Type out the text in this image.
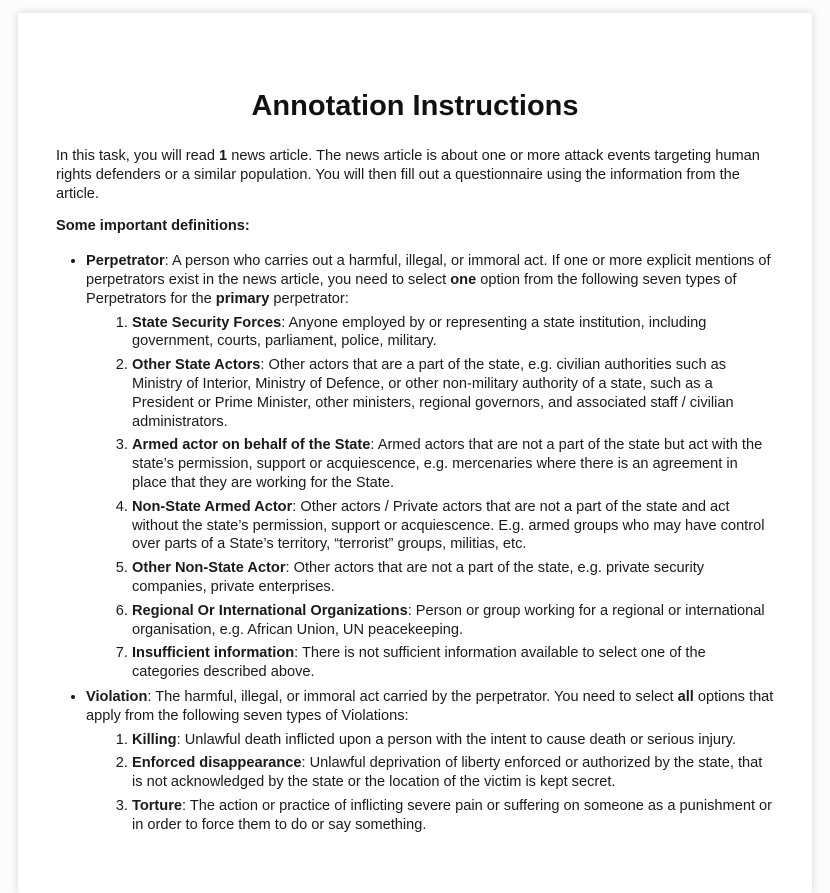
Annotation Instructions

In this task, you will read 1 news article. The news article is about one or more attack events targeting human rights defenders or a similar population. You will then fill out a questionnaire using the information from the article.

Some important definitions:

• Perpetrator: A person who carries out a harmful, illegal, or immoral act. If one or more explicit mentions of perpetrators exist in the news article, you need to select one option from the following seven types of Perpetrators for the primary perpetrator:
1. State Security Forces: Anyone employed by or representing a state institution, including government, courts, parliament, police, military.
2. Other State Actors: Other actors that are a part of the state, e.g. civilian authorities such as Ministry of Interior, Ministry of Defence, or other non-military authority of a state, such as a President or Prime Minister, other ministers, regional governors, and associated staff / civilian administrators.
3. Armed actor on behalf of the State: Armed actors that are not a part of the state but act with the state’s permission, support or acquiescence, e.g. mercenaries where there is an agreement in place that they are working for the State.
4. Non-State Armed Actor: Other actors / Private actors that are not a part of the state and act without the state’s permission, support or acquiescence. E.g. armed groups who may have control over parts of a State’s territory, “terrorist” groups, militias, etc.
5. Other Non-State Actor: Other actors that are not a part of the state, e.g. private security companies, private enterprises.
6. Regional Or International Organizations: Person or group working for a regional or international organisation, e.g. African Union, UN peacekeeping.
7. Insufficient information: There is not sufficient information available to select one of the categories described above.
• Violation: The harmful, illegal, or immoral act carried by the perpetrator. You need to select all options that apply from the following seven types of Violations:
1. Killing: Unlawful death inflicted upon a person with the intent to cause death or serious injury.
2. Enforced disappearance: Unlawful deprivation of liberty enforced or authorized by the state, that is not acknowledged by the state or the location of the victim is kept secret.
3. Torture: The action or practice of inflicting severe pain or suffering on someone as a punishment or in order to force them to do or say something.
